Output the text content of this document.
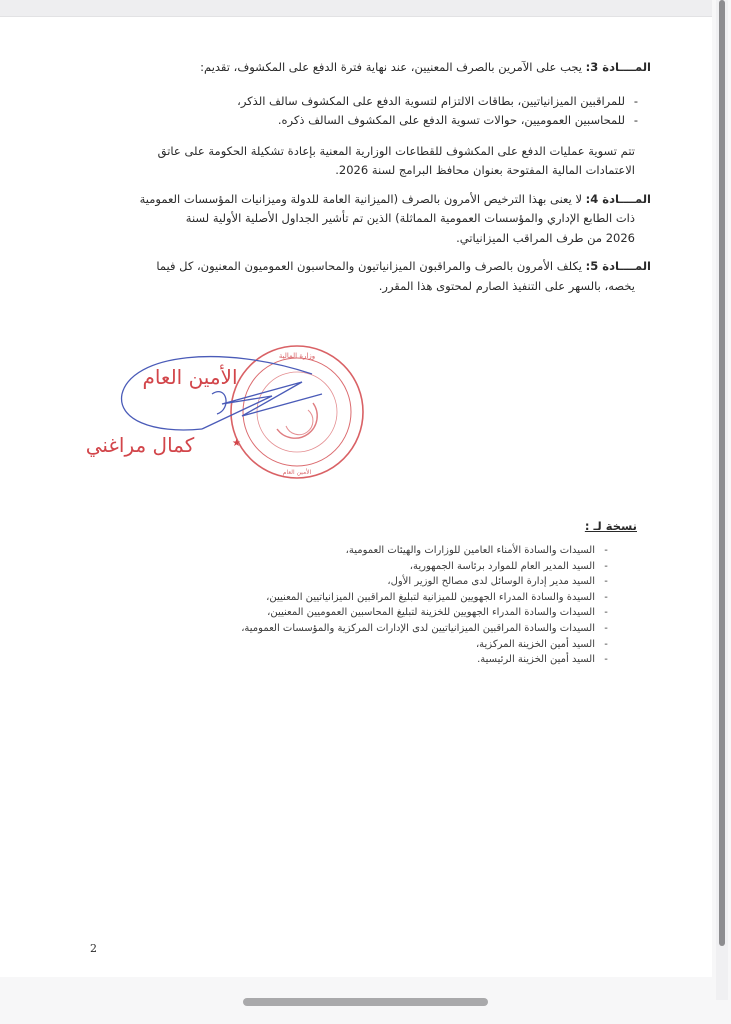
المــــادة 3: يجب على الآمرين بالصرف المعنيين، عند نهاية فترة الدفع على المكشوف، تقديم:
-للمراقبين الميزانياتيين، بطاقات الالتزام لتسوية الدفع على المكشوف سالف الذكر،
-للمحاسبين العموميين، حوالات تسوية الدفع على المكشوف السالف ذكره.
تتم تسوية عمليات الدفع على المكشوف للقطاعات الوزارية المعنية بإعادة تشكيلة الحكومة على عاتق
الاعتمادات المالية المفتوحة بعنوان محافظ البرامج لسنة 2026.
المــــادة 4: لا يعنى بهذا الترخيص الأمرون بالصرف (الميزانية العامة للدولة وميزانيات المؤسسات العمومية
ذات الطابع الإداري والمؤسسات العمومية المماثلة) الذين تم تأشير الجداول الأصلية الأولية لسنة
2026 من طرف المراقب الميزانياتي.
المــــادة 5: يكلف الأمرون بالصرف والمراقبون الميزانياتيون والمحاسبون العموميون المعنيون، كل فيما
يخصه، بالسهر على التنفيذ الصارم لمحتوى هذا المقرر.
وزارة المالية
الأمين العام
★
الأمين العام
كمال مراغني
نسخة لـ :
-السيدات والسادة الأمناء العامين للوزارات والهيئات العمومية،
-السيد المدير العام للموارد برئاسة الجمهورية،
-السيد مدير إدارة الوسائل لدى مصالح الوزير الأول،
-السيدة والسادة المدراء الجهويين للميزانية لتبليغ المراقبين الميزانياتيين المعنيين،
-السيدات والسادة المدراء الجهويين للخزينة لتبليغ المحاسبين العموميين المعنيين،
-السيدات والسادة المراقبين الميزانياتيين لدى الإدارات المركزية والمؤسسات العمومية،
-السيد أمين الخزينة المركزية،
-السيد أمين الخزينة الرئيسية.
2
